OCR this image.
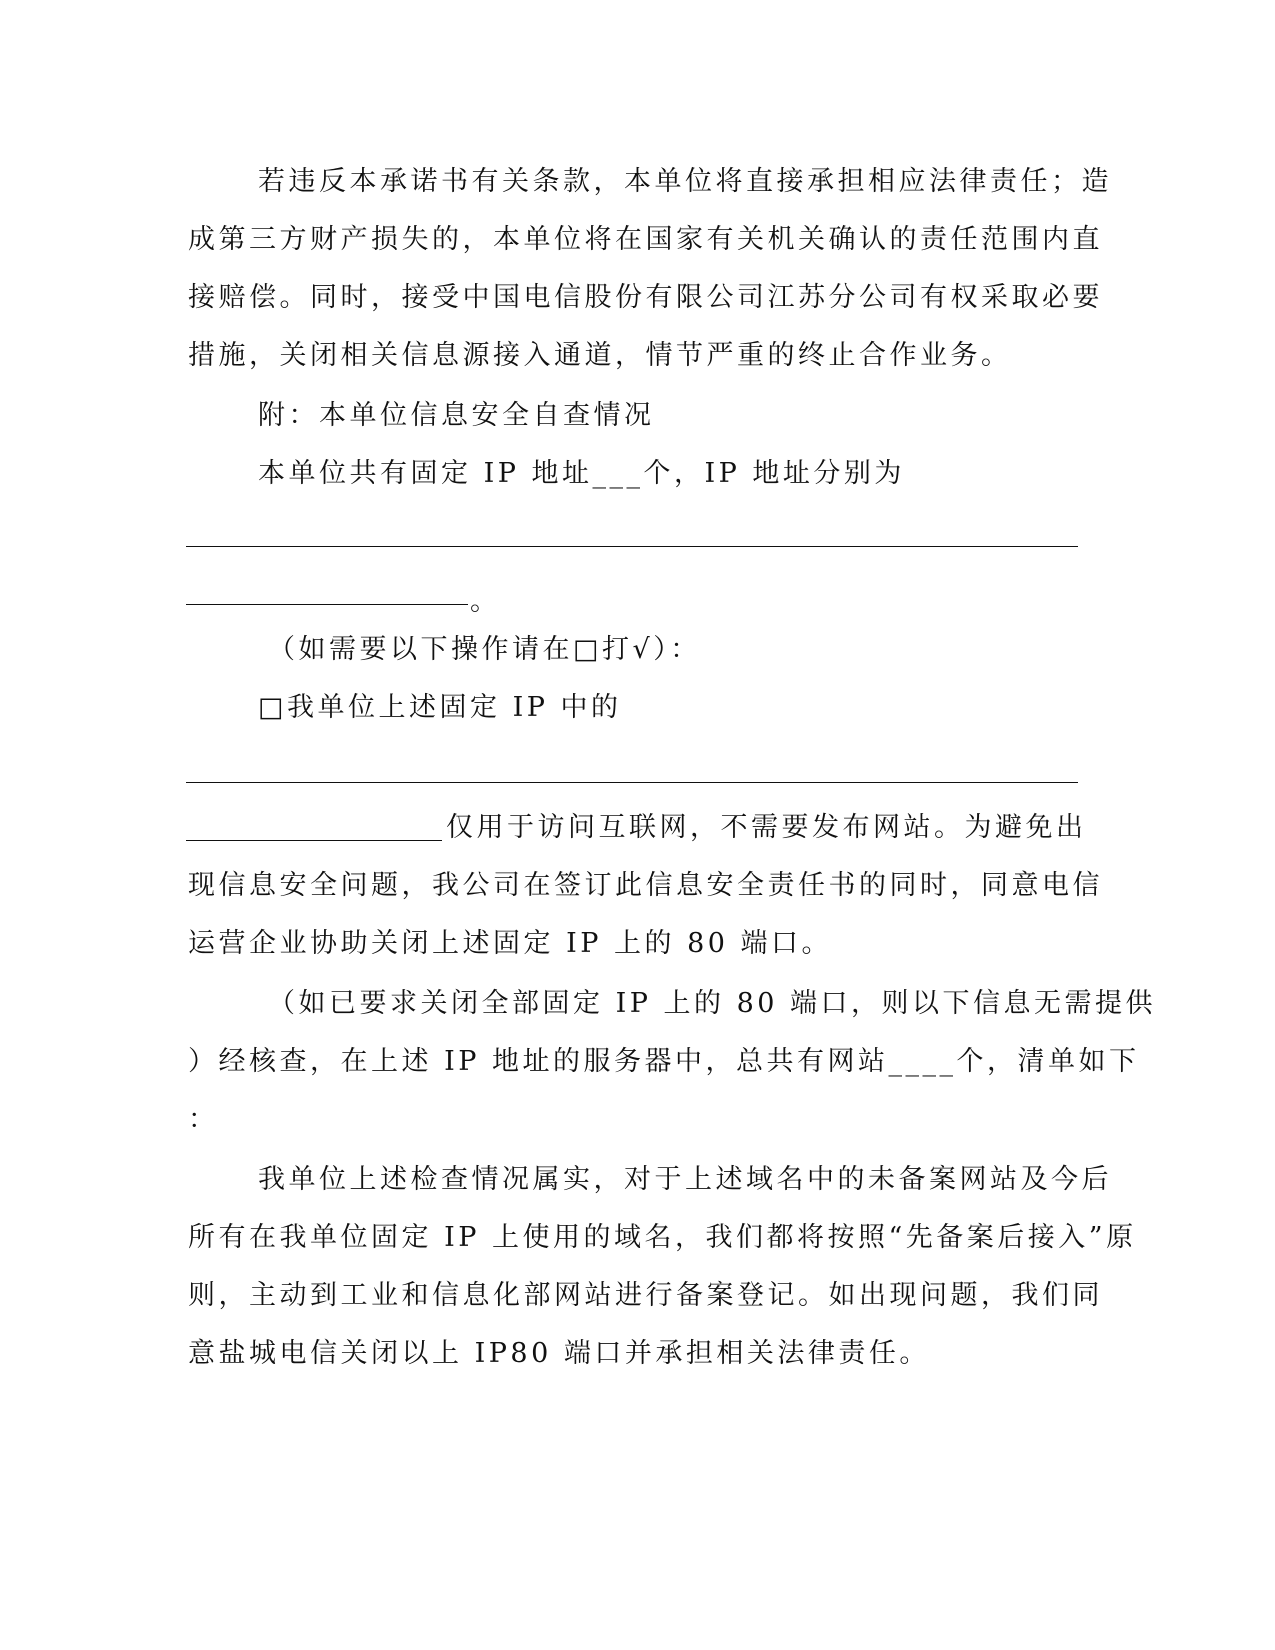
若违反本承诺书有关条款，本单位将直接承担相应法律责任；造
成第三方财产损失的，本单位将在国家有关机关确认的责任范围内直
接赔偿。同时，接受中国电信股份有限公司江苏分公司有权采取必要
措施，关闭相关信息源接入通道，情节严重的终止合作业务。
附：本单位信息安全自查情况
本单位共有固定 IP 地址___个，IP 地址分别为
。
（如需要以下操作请在□打√）：
□我单位上述固定 IP 中的
仅用于访问互联网，不需要发布网站。为避免出
现信息安全问题，我公司在签订此信息安全责任书的同时，同意电信
运营企业协助关闭上述固定 IP 上的 80 端口。
（如已要求关闭全部固定 IP 上的 80 端口，则以下信息无需提供
）经核查，在上述 IP 地址的服务器中，总共有网站____个，清单如下
：
我单位上述检查情况属实，对于上述域名中的未备案网站及今后
所有在我单位固定 IP 上使用的域名，我们都将按照“先备案后接入”原
则，主动到工业和信息化部网站进行备案登记。如出现问题，我们同
意盐城电信关闭以上 IP80 端口并承担相关法律责任。
